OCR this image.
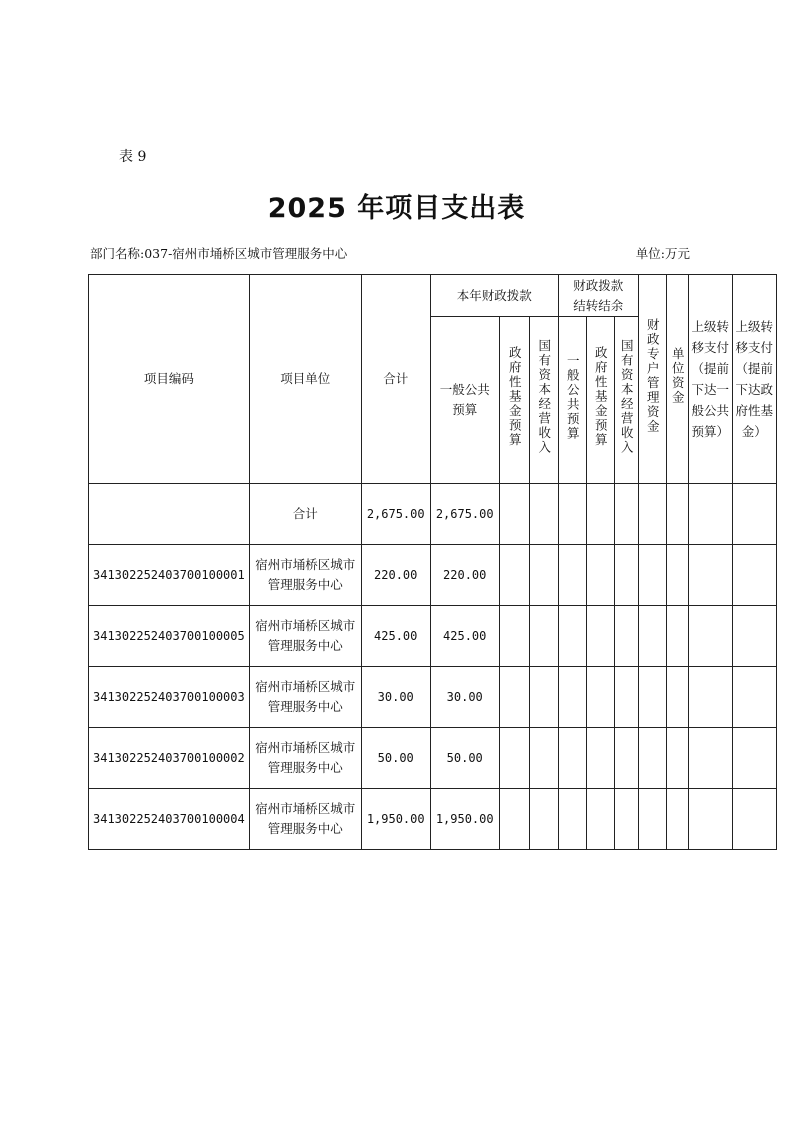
表 9
2025 年项目支出表
部门名称:037-宿州市埇桥区城市管理服务中心	单位:万元
项目编码	项目单位	合计	本年财政拨款			财政拨款结转结余			财政专户管理资金	单位资金	上级转移支付（提前下达一般公共预算）	上级转移支付（提前下达政府性基金）

			一般公共预算	政府性基金预算	国有资本经营收入	一般公共预算	政府性基金预算	国有资本经营收入				

	合计	2,675.00	2,675.00									

341302252403700100001	宿州市埇桥区城市管理服务中心	220.00	220.00									

341302252403700100005	宿州市埇桥区城市管理服务中心	425.00	425.00									

341302252403700100003	宿州市埇桥区城市管理服务中心	30.00	30.00									

341302252403700100002	宿州市埇桥区城市管理服务中心	50.00	50.00									

341302252403700100004	宿州市埇桥区城市管理服务中心	1,950.00	1,950.00									
